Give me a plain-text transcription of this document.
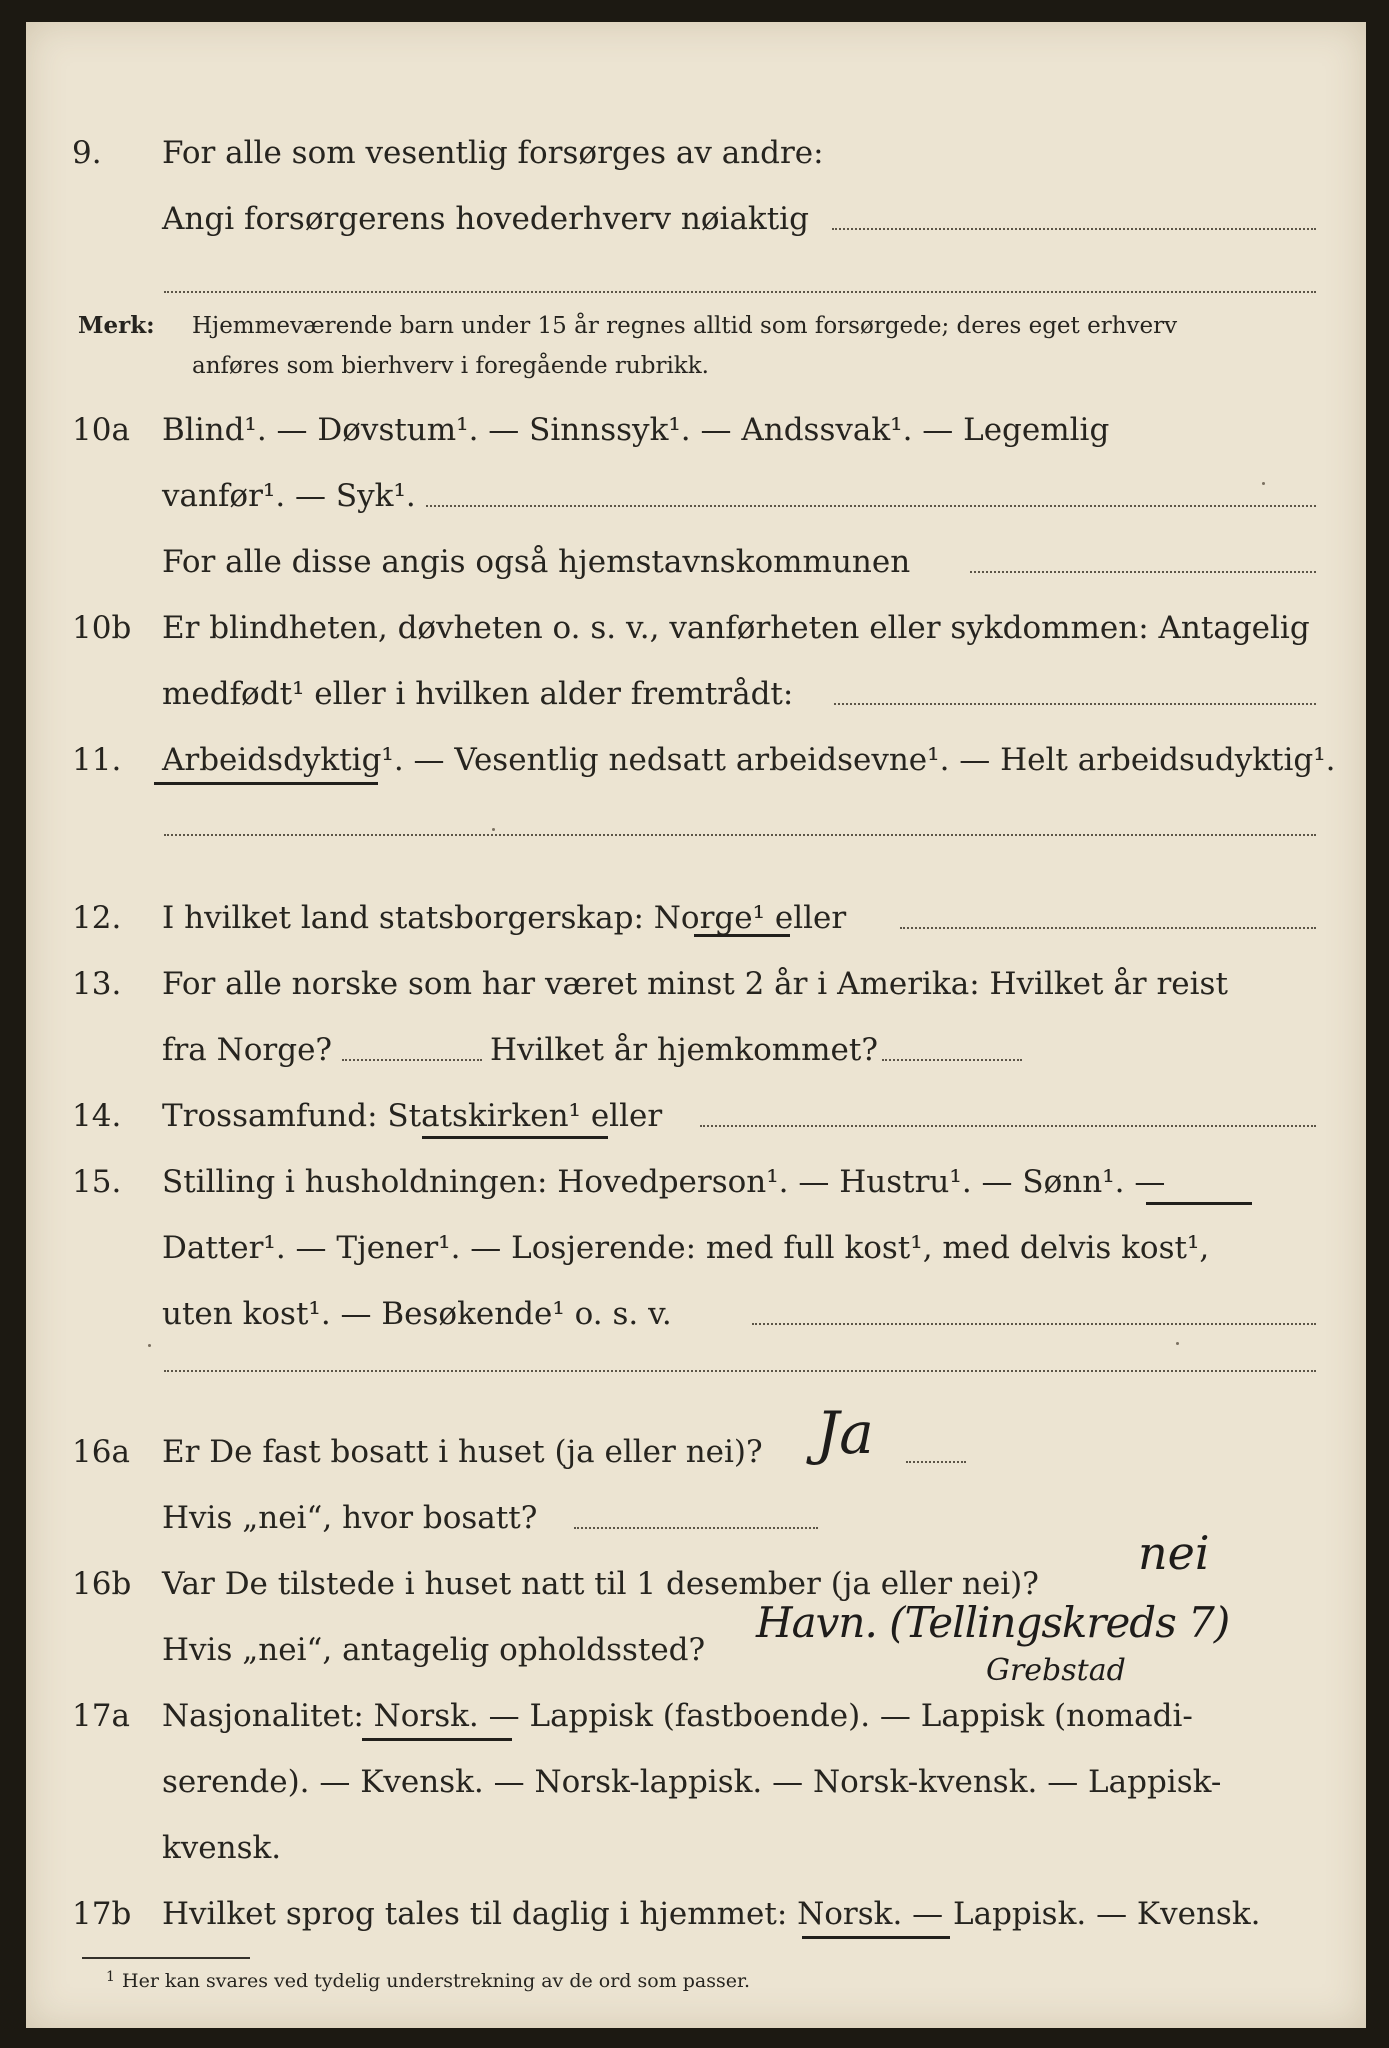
9. For alle som vesentlig forsørges av andre:
Angi forsørgerens hovederhverv nøiaktig
Merk: Hjemmeværende barn under 15 år regnes alltid som forsørgede; deres eget erhverv
anføres som bierhverv i foregående rubrikk.
10a Blind¹. — Døvstum¹. — Sinnssyk¹. — Andssvak¹. — Legemlig
vanfør¹. — Syk¹.
For alle disse angis også hjemstavnskommunen
10b Er blindheten, døvheten o. s. v., vanførheten eller sykdommen: Antagelig
medfødt¹ eller i hvilken alder fremtrådt:
11. Arbeidsdyktig¹. — Vesentlig nedsatt arbeidsevne¹. — Helt arbeidsudyktig¹.
12. I hvilket land statsborgerskap: Norge¹ eller
13. For alle norske som har været minst 2 år i Amerika: Hvilket år reist
fra Norge?	Hvilket år hjemkommet?
14. Trossamfund: Statskirken¹ eller
15. Stilling i husholdningen: Hovedperson¹. — Hustru¹. — Sønn¹. —
Datter¹. — Tjener¹. — Losjerende: med full kost¹, med delvis kost¹,
uten kost¹. — Besøkende¹ o. s. v.
16a Er De fast bosatt i huset (ja eller nei)? Ja
Hvis „nei“, hvor bosatt?
16b Var De tilstede i huset natt til 1 desember (ja eller nei)?
nei
Hvis „nei“, antagelig opholdssted?
Havn. (Tellingskreds 7)
Grebstad
17a Nasjonalitet: Norsk. — Lappisk (fastboende). — Lappisk (nomadi-
serende). — Kvensk. — Norsk-lappisk. — Norsk-kvensk. — Lappisk-
kvensk.
17b Hvilket sprog tales til daglig i hjemmet: Norsk. — Lappisk. — Kvensk.
1 Her kan svares ved tydelig understrekning av de ord som passer.
